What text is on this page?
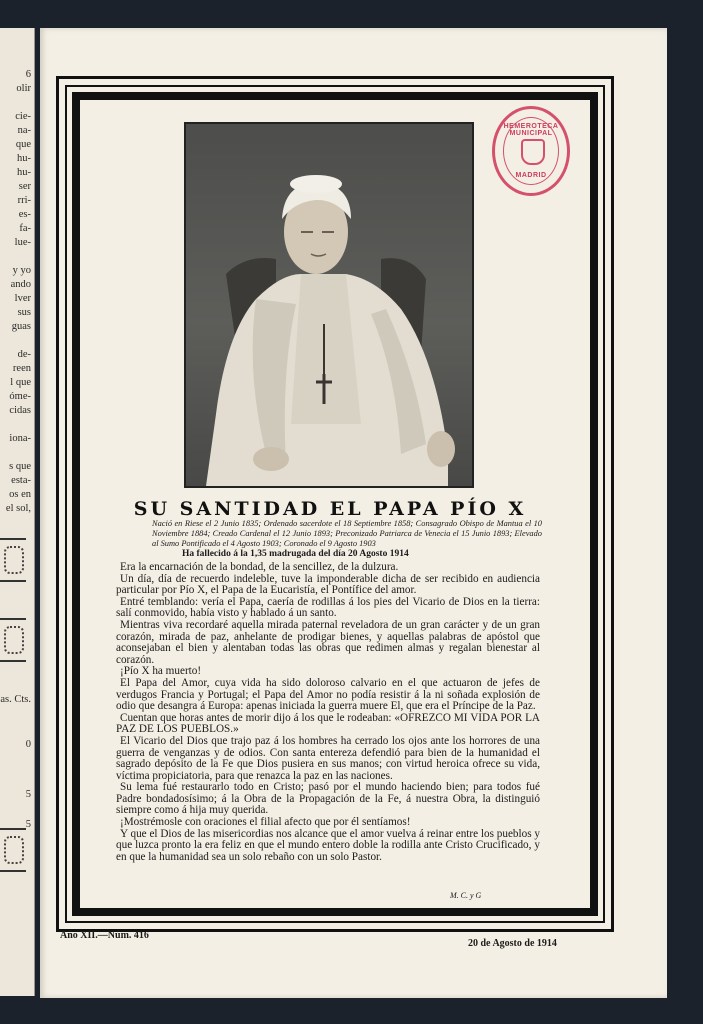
6
olir
cie-
na-
que
hu-
hu-
ser
rri-
es-
fa-
lue-
y yo
ando
lver
sus
guas
de-
reen
l que
óme-
cidas
iona-
s que
esta-
os en
el sol,
as. Cts.
0
5
5
HEMEROTECA MUNICIPAL
MADRID
SU SANTIDAD EL PAPA PÍO X
Nació en Riese el 2 Junio 1835; Ordenado sacerdote el 18 Septiembre 1858; Consagrado Obispo de Mantua el 10 Noviembre 1884; Creado Cardenal el 12 Junio 1893; Preconizado Patriarca de Venecia el 15 Junio 1893; Elevado al Sumo Pontificado el 4 Agosto 1903; Coronado el 9 Agosto 1903
Ha fallecido á la 1,35 madrugada del día 20 Agosto 1914

Era la encarnación de la bondad, de la sencillez, de la dulzura.

Un día, día de recuerdo indeleble, tuve la imponderable dicha de ser recibido en audiencia particular por Pío X, el Papa de la Eucaristía, el Pontífice del amor.

Entré temblando: vería el Papa, caería de rodillas á los pies del Vicario de Dios en la tierra: salí conmovido, había visto y hablado á un santo.

Mientras viva recordaré aquella mirada paternal reveladora de un gran carácter y de un gran corazón, mirada de paz, anhelante de prodigar bienes, y aquellas palabras de apóstol que aconsejaban el bien y alentaban todas las obras que redimen almas y regalan bienestar al corazón.

¡Pío X ha muerto!

El Papa del Amor, cuya vida ha sido doloroso calvario en el que actuaron de jefes de verdugos Francia y Portugal; el Papa del Amor no podía resistir á la ni soñada explosión de odio que desangra á Europa: apenas iniciada la guerra muere El, que era el Príncipe de la Paz.

Cuentan que horas antes de morir dijo á los que le rodeaban: «OFREZCO MI VIDA POR LA PAZ DE LOS PUEBLOS.»

El Vicario del Dios que trajo paz á los hombres ha cerrado los ojos ante los horrores de una guerra de venganzas y de odios. Con santa entereza defendió para bien de la humanidad el sagrado depósito de la Fe que Dios pusiera en sus manos; con virtud heroica ofrece su vida, víctima propiciatoria, para que renazca la paz en las naciones.

Su lema fué restaurarlo todo en Cristo; pasó por el mundo haciendo bien; para todos fué Padre bondadosísimo; á la Obra de la Propagación de la Fe, á nuestra Obra, la distinguió siempre como á hija muy querida.

¡Mostrémosle con oraciones el filial afecto que por él sentíamos!

Y que el Dios de las misericordias nos alcance que el amor vuelva á reinar entre los pueblos y que luzca pronto la era feliz en que el mundo entero doble la rodilla ante Cristo Crucificado, y en que la humanidad sea un solo rebaño con un solo Pastor.

M. C. y G
Año XII.—Núm. 416
20 de Agosto de 1914
